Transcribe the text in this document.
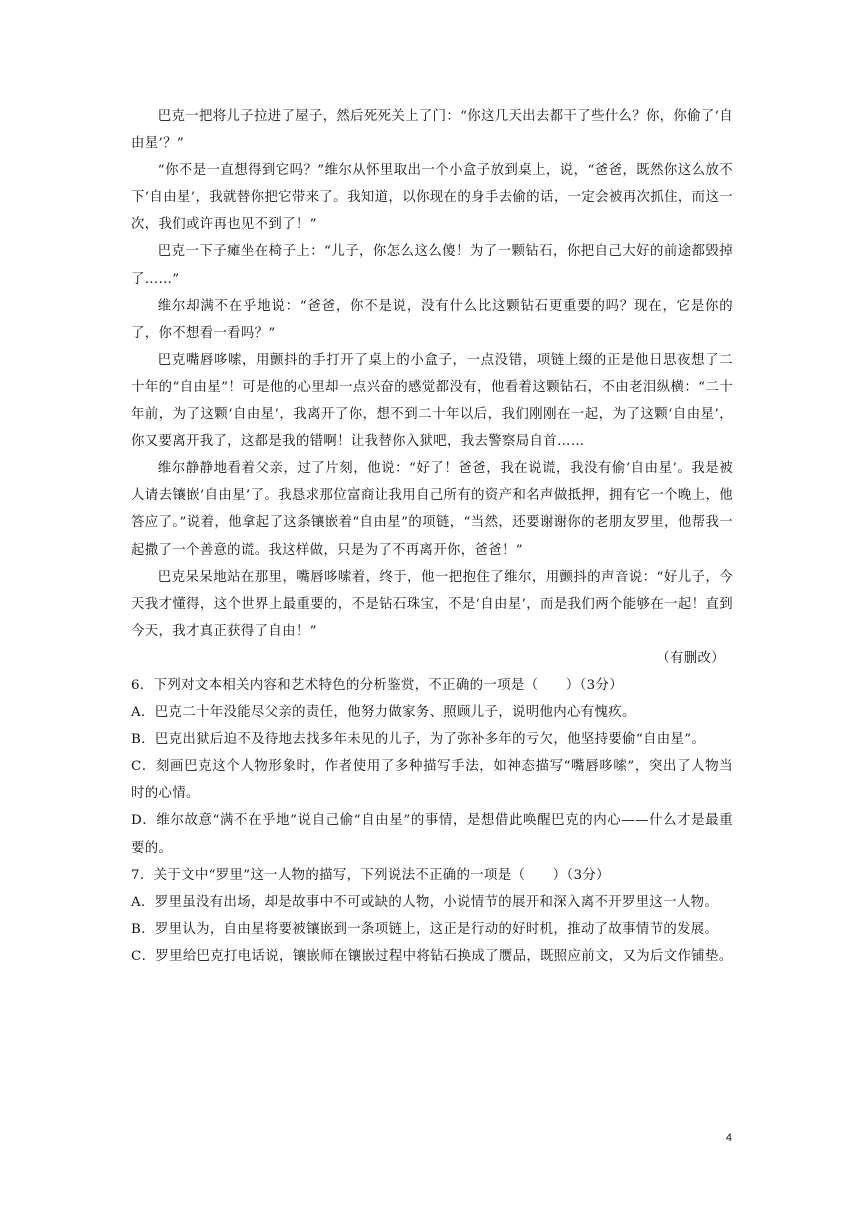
巴克一把将儿子拉进了屋子，然后死死关上了门：“你这几天出去都干了些什么？你，你偷了‘自由星’？”

“你不是一直想得到它吗？”维尔从怀里取出一个小盒子放到桌上，说，“爸爸，既然你这么放不下‘自由星’，我就替你把它带来了。我知道，以你现在的身手去偷的话，一定会被再次抓住，而这一次，我们或许再也见不到了！”

巴克一下子瘫坐在椅子上：“儿子，你怎么这么傻！为了一颗钻石，你把自己大好的前途都毁掉了……”

维尔却满不在乎地说：“爸爸，你不是说，没有什么比这颗钻石更重要的吗？现在，它是你的了，你不想看一看吗？”

巴克嘴唇哆嗦，用颤抖的手打开了桌上的小盒子，一点没错，项链上缀的正是他日思夜想了二十年的“自由星”！可是他的心里却一点兴奋的感觉都没有，他看着这颗钻石，不由老泪纵横：“二十年前，为了这颗‘自由星’，我离开了你，想不到二十年以后，我们刚刚在一起，为了这颗‘自由星’，你又要离开我了，这都是我的错啊！让我替你入狱吧，我去警察局自首……

维尔静静地看着父亲，过了片刻，他说：“好了！爸爸，我在说谎，我没有偷‘自由星’。我是被人请去镶嵌‘自由星’了。我恳求那位富商让我用自己所有的资产和名声做抵押，拥有它一个晚上，他答应了。”说着，他拿起了这条镶嵌着“自由星”的项链，“当然，还要谢谢你的老朋友罗里，他帮我一起撒了一个善意的谎。我这样做，只是为了不再离开你，爸爸！”

巴克呆呆地站在那里，嘴唇哆嗦着，终于，他一把抱住了维尔，用颤抖的声音说：“好儿子，今天我才懂得，这个世界上最重要的，不是钻石珠宝，不是‘自由星’，而是我们两个能够在一起！直到今天，我才真正获得了自由！”

（有删改）

6．下列对文本相关内容和艺术特色的分析鉴赏，不正确的一项是（　　）（3分）

A．巴克二十年没能尽父亲的责任，他努力做家务、照顾儿子，说明他内心有愧疚。

B．巴克出狱后迫不及待地去找多年未见的儿子，为了弥补多年的亏欠，他坚持要偷“自由星”。

C．刻画巴克这个人物形象时，作者使用了多种描写手法，如神态描写“嘴唇哆嗦”，突出了人物当时的心情。

D．维尔故意“满不在乎地”说自己偷“自由星”的事情，是想借此唤醒巴克的内心——什么才是最重要的。

7．关于文中“罗里”这一人物的描写，下列说法不正确的一项是（　　）（3分）

A．罗里虽没有出场，却是故事中不可或缺的人物，小说情节的展开和深入离不开罗里这一人物。

B．罗里认为，自由星将要被镶嵌到一条项链上，这正是行动的好时机，推动了故事情节的发展。

C．罗里给巴克打电话说，镶嵌师在镶嵌过程中将钻石换成了赝品，既照应前文，又为后文作铺垫。

4
